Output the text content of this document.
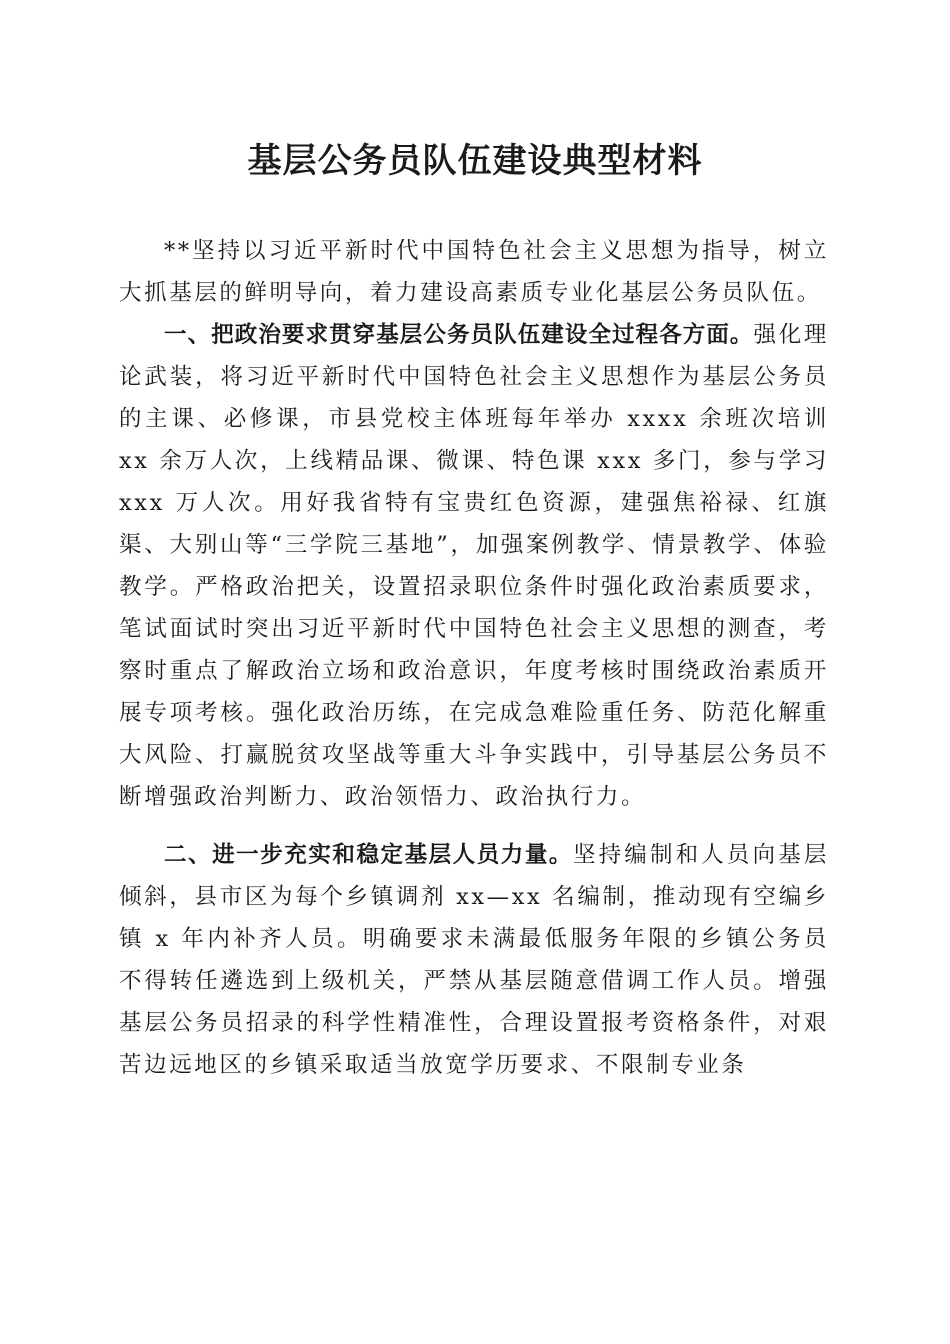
基层公务员队伍建设典型材料

**坚持以习近平新时代中国特色社会主义思想为指导，树立大抓基层的鲜明导向，着力建设高素质专业化基层公务员队伍。

一、把政治要求贯穿基层公务员队伍建设全过程各方面。强化理论武装，将习近平新时代中国特色社会主义思想作为基层公务员的主课、必修课，市县党校主体班每年举办 xxxx 余班次培训 xx 余万人次，上线精品课、微课、特色课 xxx 多门，参与学习 xxx 万人次。用好我省特有宝贵红色资源，建强焦裕禄、红旗渠、大别山等“三学院三基地”，加强案例教学、情景教学、体验教学。严格政治把关，设置招录职位条件时强化政治素质要求，笔试面试时突出习近平新时代中国特色社会主义思想的测查，考察时重点了解政治立场和政治意识，年度考核时围绕政治素质开展专项考核。强化政治历练，在完成急难险重任务、防范化解重大风险、打赢脱贫攻坚战等重大斗争实践中，引导基层公务员不断增强政治判断力、政治领悟力、政治执行力。

二、进一步充实和稳定基层人员力量。坚持编制和人员向基层倾斜，县市区为每个乡镇调剂 xx—xx 名编制，推动现有空编乡镇 x 年内补齐人员。明确要求未满最低服务年限的乡镇公务员不得转任遴选到上级机关，严禁从基层随意借调工作人员。增强基层公务员招录的科学性精准性，合理设置报考资格条件，对艰苦边远地区的乡镇采取适当放宽学历要求、不限制专业条
